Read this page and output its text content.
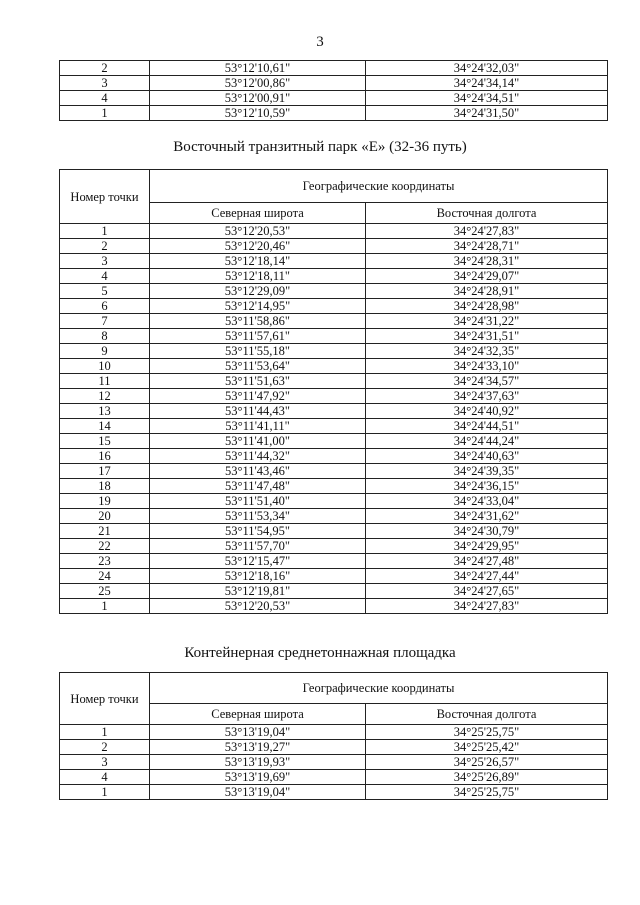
3
2	53°12'10,61"	34°24'32,03"
3	53°12'00,86"	34°24'34,14"
4	53°12'00,91"	34°24'34,51"
1	53°12'10,59"	34°24'31,50"
Восточный транзитный парк «Е» (32-36 путь)
Номер точки	Географические координаты	
	Северная широта	Восточная долгота
1	53°12'20,53"	34°24'27,83"
2	53°12'20,46"	34°24'28,71"
3	53°12'18,14"	34°24'28,31"
4	53°12'18,11"	34°24'29,07"
5	53°12'29,09"	34°24'28,91"
6	53°12'14,95"	34°24'28,98"
7	53°11'58,86"	34°24'31,22"
8	53°11'57,61"	34°24'31,51"
9	53°11'55,18"	34°24'32,35"
10	53°11'53,64"	34°24'33,10"
11	53°11'51,63"	34°24'34,57"
12	53°11'47,92"	34°24'37,63"
13	53°11'44,43"	34°24'40,92"
14	53°11'41,11"	34°24'44,51"
15	53°11'41,00"	34°24'44,24"
16	53°11'44,32"	34°24'40,63"
17	53°11'43,46"	34°24'39,35"
18	53°11'47,48"	34°24'36,15"
19	53°11'51,40"	34°24'33,04"
20	53°11'53,34"	34°24'31,62"
21	53°11'54,95"	34°24'30,79"
22	53°11'57,70"	34°24'29,95"
23	53°12'15,47"	34°24'27,48"
24	53°12'18,16"	34°24'27,44"
25	53°12'19,81"	34°24'27,65"
1	53°12'20,53"	34°24'27,83"
Контейнерная среднетоннажная площадка
Номер точки	Географические координаты	
	Северная широта	Восточная долгота
1	53°13'19,04"	34°25'25,75"
2	53°13'19,27"	34°25'25,42"
3	53°13'19,93"	34°25'26,57"
4	53°13'19,69"	34°25'26,89"
1	53°13'19,04"	34°25'25,75"
